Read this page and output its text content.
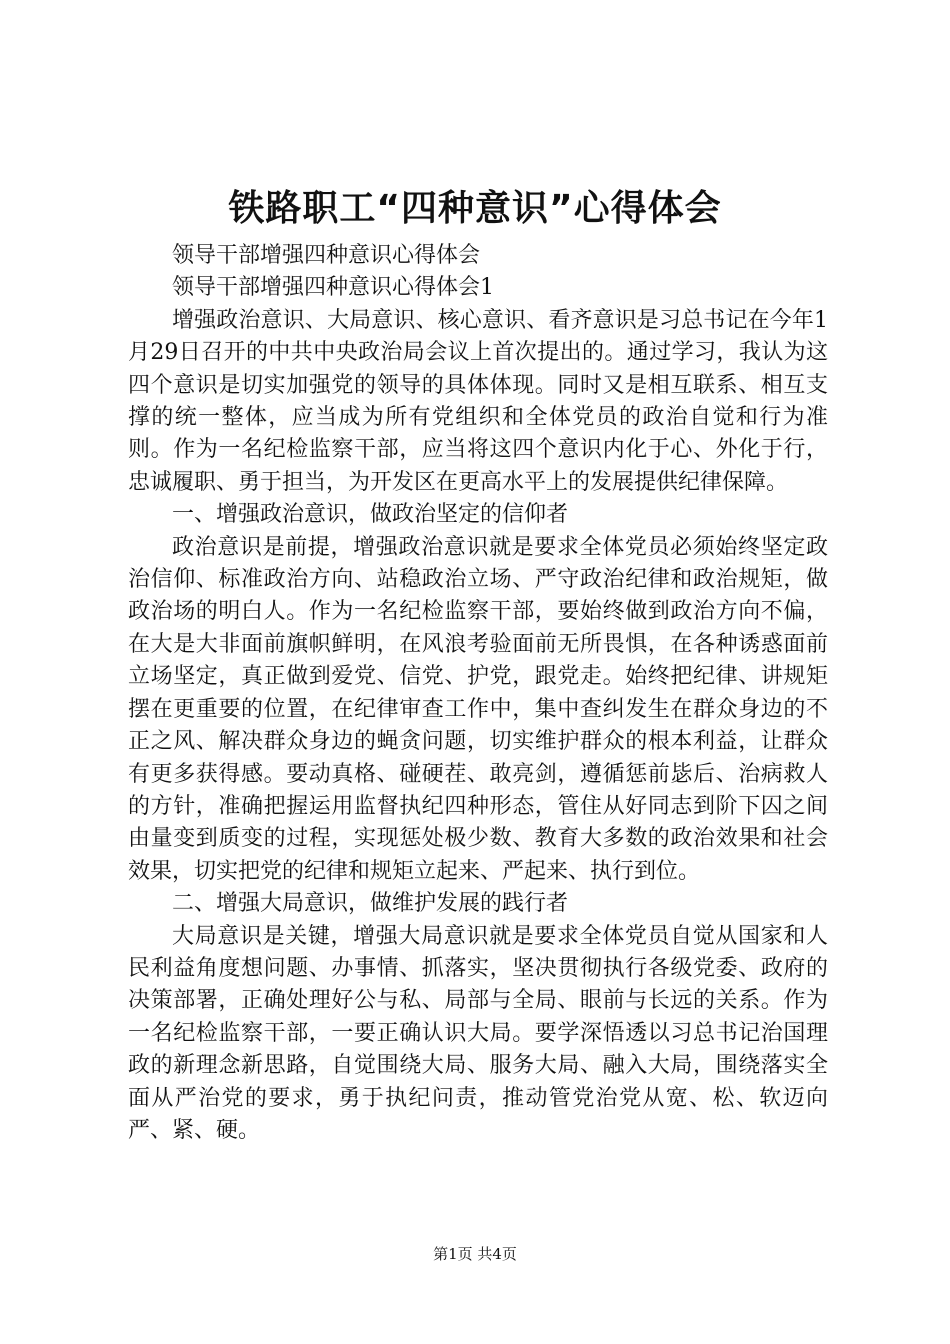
铁路职工“四种意识”心得体会

领导干部增强四种意识心得体会

领导干部增强四种意识心得体会1

增强政治意识、大局意识、核心意识、看齐意识是习总书记在今年1月29日召开的中共中央政治局会议上首次提出的。通过学习，我认为这四个意识是切实加强党的领导的具体体现。同时又是相互联系、相互支撑的统一整体，应当成为所有党组织和全体党员的政治自觉和行为准则。作为一名纪检监察干部，应当将这四个意识内化于心、外化于行，忠诚履职、勇于担当，为开发区在更高水平上的发展提供纪律保障。

一、增强政治意识，做政治坚定的信仰者

政治意识是前提，增强政治意识就是要求全体党员必须始终坚定政治信仰、标准政治方向、站稳政治立场、严守政治纪律和政治规矩，做政治场的明白人。作为一名纪检监察干部，要始终做到政治方向不偏，在大是大非面前旗帜鲜明，在风浪考验面前无所畏惧，在各种诱惑面前立场坚定，真正做到爱党、信党、护党，跟党走。始终把纪律、讲规矩摆在更重要的位置，在纪律审查工作中，集中查纠发生在群众身边的不正之风、解决群众身边的蝇贪问题，切实维护群众的根本利益，让群众有更多获得感。要动真格、碰硬茬、敢亮剑，遵循惩前毖后、治病救人的方针，准确把握运用监督执纪四种形态，管住从好同志到阶下囚之间由量变到质变的过程，实现惩处极少数、教育大多数的政治效果和社会效果，切实把党的纪律和规矩立起来、严起来、执行到位。

二、增强大局意识，做维护发展的践行者

大局意识是关键，增强大局意识就是要求全体党员自觉从国家和人民利益角度想问题、办事情、抓落实，坚决贯彻执行各级党委、政府的决策部署，正确处理好公与私、局部与全局、眼前与长远的关系。作为一名纪检监察干部，一要正确认识大局。要学深悟透以习总书记治国理政的新理念新思路，自觉围绕大局、服务大局、融入大局，围绕落实全面从严治党的要求，勇于执纪问责，推动管党治党从宽、松、软迈向严、紧、硬。

第1页 共4页
